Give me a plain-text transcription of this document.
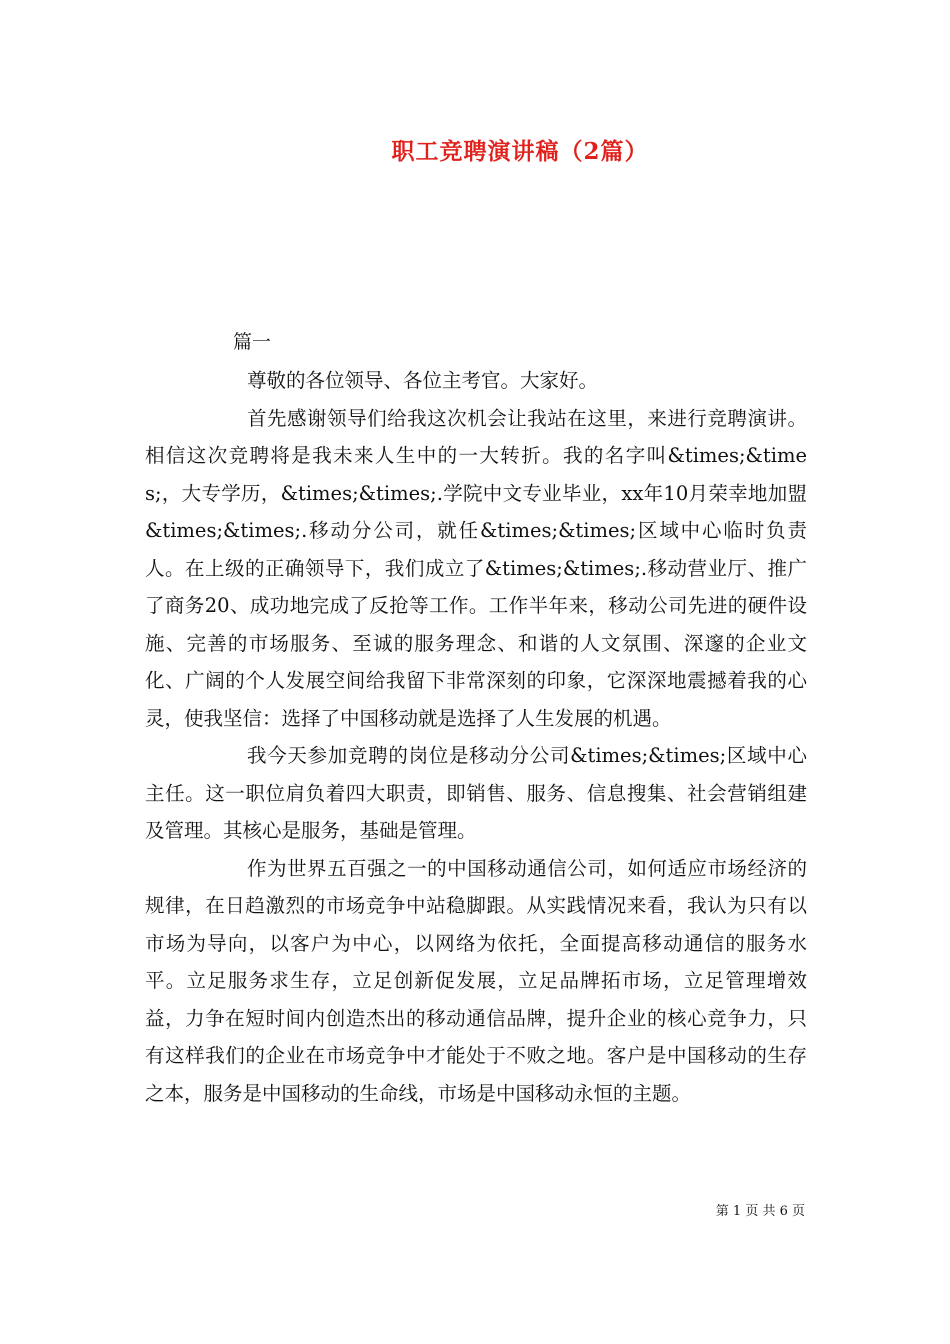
职工竞聘演讲稿（2篇）
篇一

尊敬的各位领导、各位主考官。大家好。

首先感谢领导们给我这次机会让我站在这里，来进行竞聘演讲。相信这次竞聘将是我未来人生中的一大转折。我的名字叫&times;&times;，大专学历，&times;&times;.学院中文专业毕业，xx年10月荣幸地加盟&times;&times;.移动分公司，就任&times;&times;区域中心临时负责人。在上级的正确领导下，我们成立了&times;&times;.移动营业厅、推广了商务20、成功地完成了反抢等工作。工作半年来，移动公司先进的硬件设施、完善的市场服务、至诚的服务理念、和谐的人文氛围、深邃的企业文化、广阔的个人发展空间给我留下非常深刻的印象，它深深地震撼着我的心灵，使我坚信：选择了中国移动就是选择了人生发展的机遇。

我今天参加竞聘的岗位是移动分公司&times;&times;区域中心主任。这一职位肩负着四大职责，即销售、服务、信息搜集、社会营销组建及管理。其核心是服务，基础是管理。

作为世界五百强之一的中国移动通信公司，如何适应市场经济的规律，在日趋激烈的市场竞争中站稳脚跟。从实践情况来看，我认为只有以市场为导向，以客户为中心，以网络为依托，全面提高移动通信的服务水平。立足服务求生存，立足创新促发展，立足品牌拓市场，立足管理增效益，力争在短时间内创造杰出的移动通信品牌，提升企业的核心竞争力，只有这样我们的企业在市场竞争中才能处于不败之地。客户是中国移动的生存之本，服务是中国移动的生命线，市场是中国移动永恒的主题。

第 1 页 共 6 页
